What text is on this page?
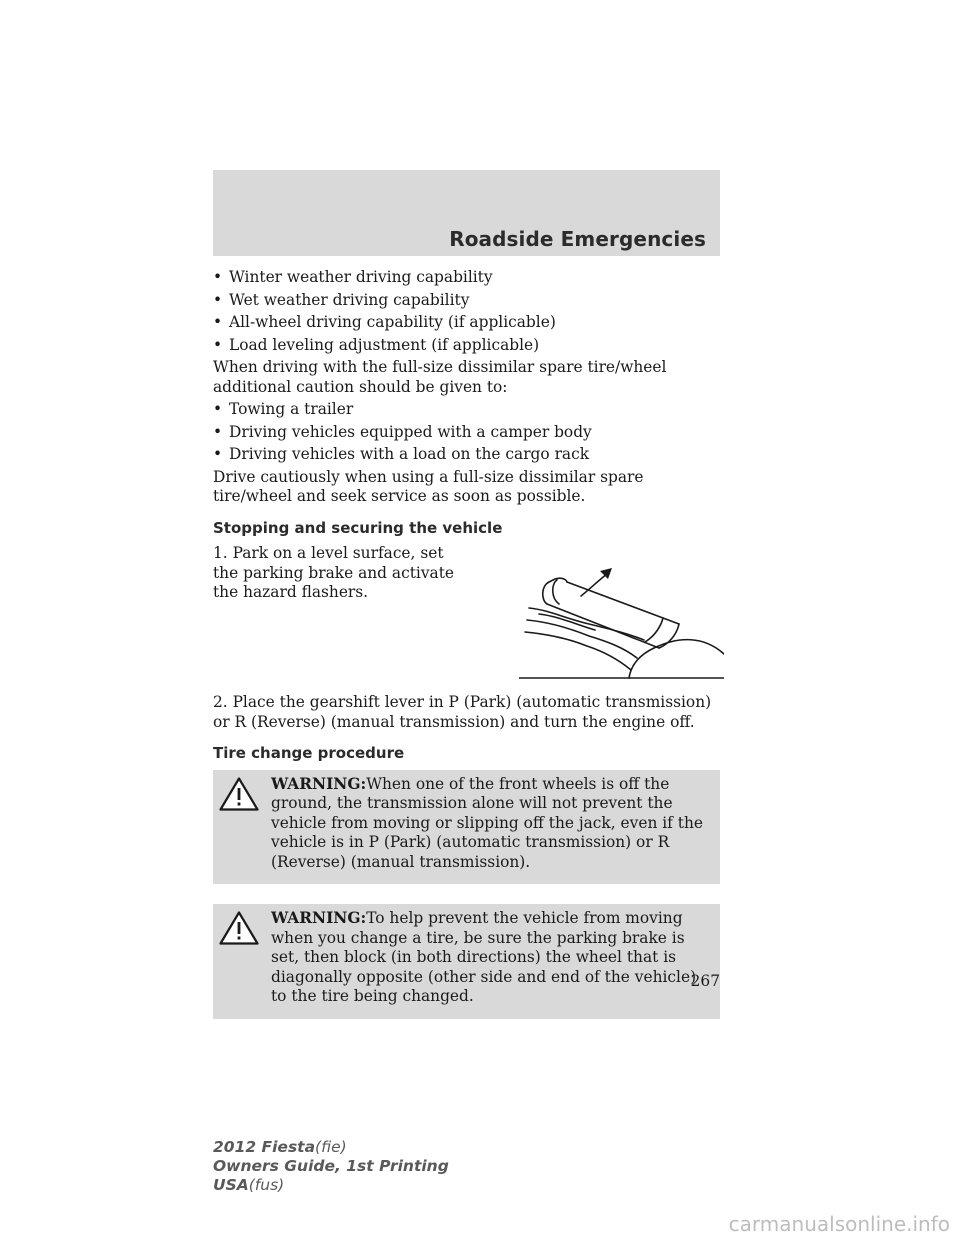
Roadside Emergencies
• Winter weather driving capability
• Wet weather driving capability
• All-wheel driving capability (if applicable)
• Load leveling adjustment (if applicable)

When driving with the full-size dissimilar spare tire/wheel additional caution should be given to:

• Towing a trailer
• Driving vehicles equipped with a camper body
• Driving vehicles with a load on the cargo rack

Drive cautiously when using a full-size dissimilar spare tire/wheel and seek service as soon as possible.

Stopping and securing the vehicle
1. Park on a level surface, set the parking brake and activate the hazard flashers.

2. Place the gearshift lever in P (Park) (automatic transmission) or R (Reverse) (manual transmission) and turn the engine off.

Tire change procedure
WARNING:When one of the front wheels is off the ground, the transmission alone will not prevent the vehicle from moving or slipping off the jack, even if the vehicle is in P (Park) (automatic transmission) or R (Reverse) (manual transmission).
WARNING:To help prevent the vehicle from moving when you change a tire, be sure the parking brake is set, then block (in both directions) the wheel that is diagonally opposite (other side and end of the vehicle) to the tire being changed.
267
2012 Fiesta(fie)
Owners Guide, 1st Printing
USA(fus)
carmanualsonline.info
